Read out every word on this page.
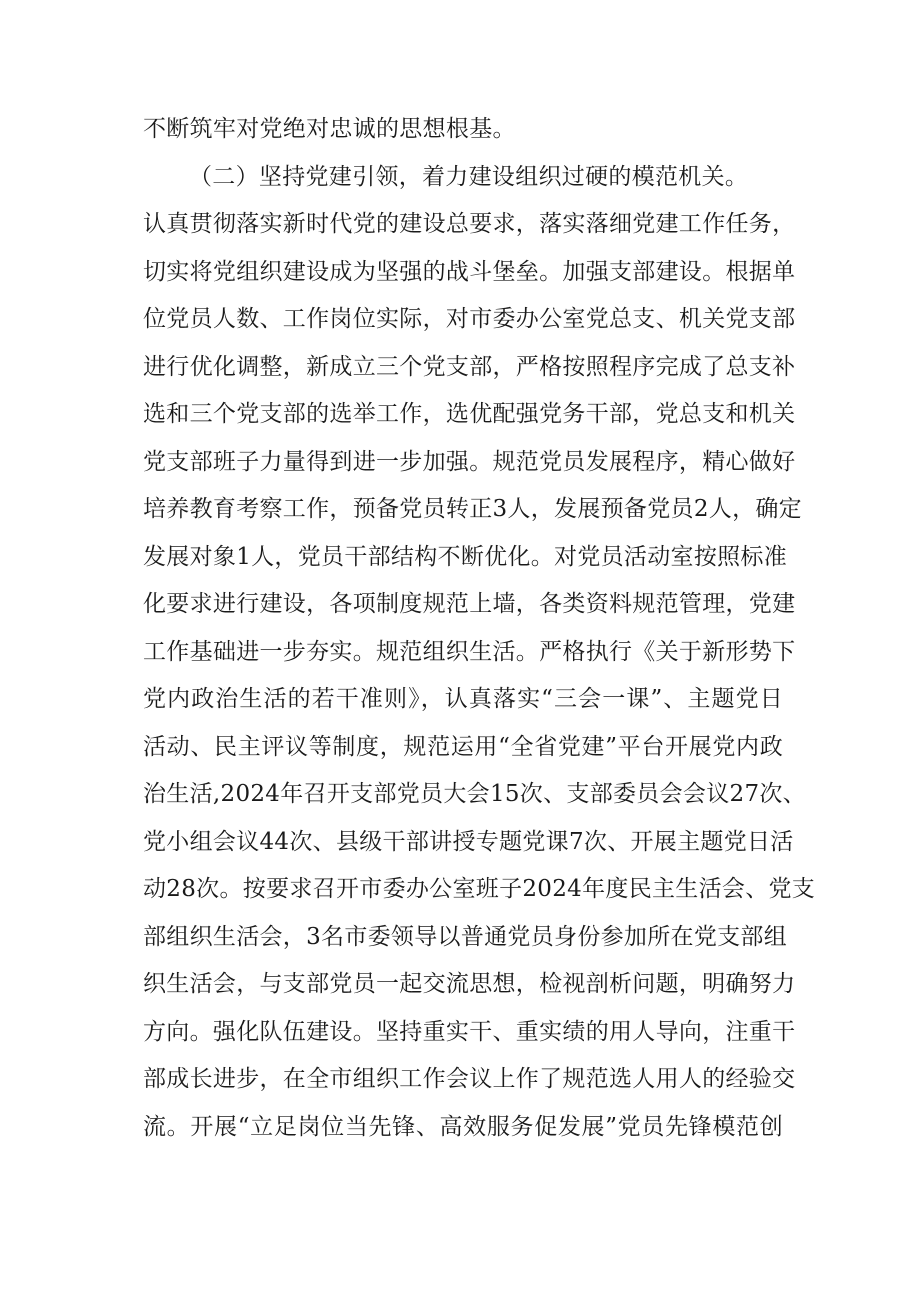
不断筑牢对党绝对忠诚的思想根基。
（二）坚持党建引领，着力建设组织过硬的模范机关。
认真贯彻落实新时代党的建设总要求，落实落细党建工作任务，
切实将党组织建设成为坚强的战斗堡垒。加强支部建设。根据单
位党员人数、工作岗位实际，对市委办公室党总支、机关党支部
进行优化调整，新成立三个党支部，严格按照程序完成了总支补
选和三个党支部的选举工作，选优配强党务干部，党总支和机关
党支部班子力量得到进一步加强。规范党员发展程序，精心做好
培养教育考察工作，预备党员转正3人，发展预备党员2人，确定
发展对象1人，党员干部结构不断优化。对党员活动室按照标准
化要求进行建设，各项制度规范上墙，各类资料规范管理，党建
工作基础进一步夯实。规范组织生活。严格执行《关于新形势下
党内政治生活的若干准则》，认真落实“三会一课”、主题党日
活动、民主评议等制度，规范运用“全省党建”平台开展党内政
治生活,2024年召开支部党员大会15次、支部委员会会议27次、
党小组会议44次、县级干部讲授专题党课7次、开展主题党日活
动28次。按要求召开市委办公室班子2024年度民主生活会、党支
部组织生活会，3名市委领导以普通党员身份参加所在党支部组
织生活会，与支部党员一起交流思想，检视剖析问题，明确努力
方向。强化队伍建设。坚持重实干、重实绩的用人导向，注重干
部成长进步，在全市组织工作会议上作了规范选人用人的经验交
流。开展“立足岗位当先锋、高效服务促发展”党员先锋模范创
